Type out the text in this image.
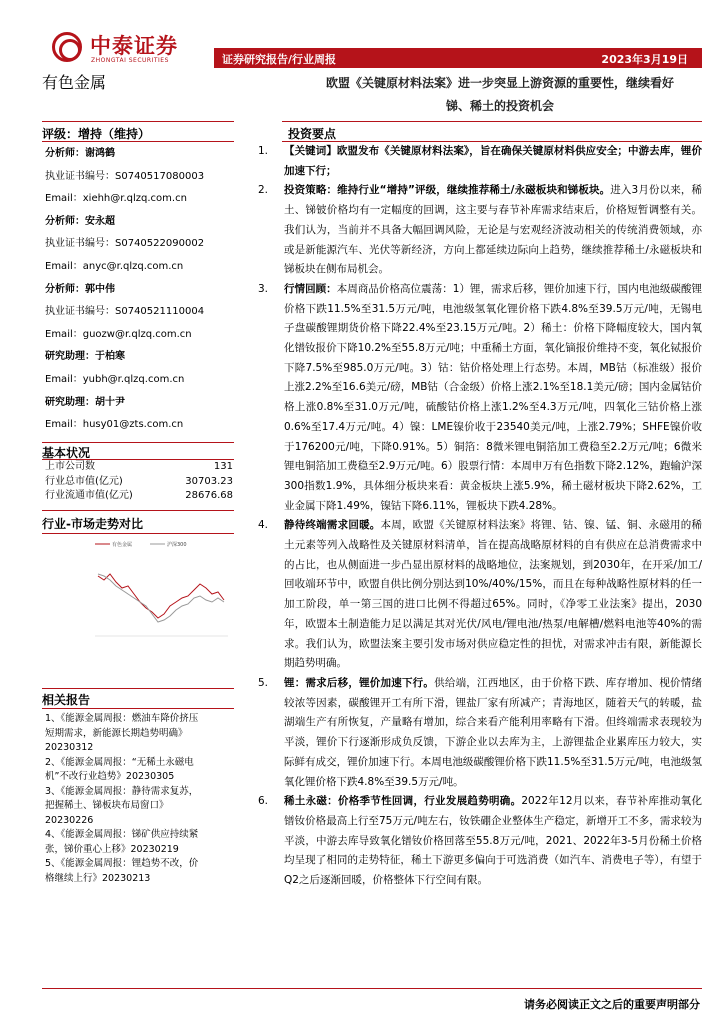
中泰证券
ZHONGTAI SECURITIES
有色金属
证券研究报告/行业周报	2023年3月19日
欧盟《关键原材料法案》进一步突显上游资源的重要性，继续看好
锑、稀土的投资机会
评级：增持（维持）	投资要点
分析师：谢鸿鹤
执业证书编号：S0740517080003
Email：xiehh@r.qlzq.com.cn
分析师：安永超
执业证书编号：S0740522090002
Email：anyc@r.qlzq.com.cn
分析师：郭中伟
执业证书编号：S0740521110004
Email：guozw@r.qlzq.com.cn
研究助理：于柏寒
Email：yubh@r.qlzq.com.cn
研究助理：胡十尹
Email：husy01@zts.com.cn
基本状况
上市公司数	131
行业总市值(亿元)	30703.23
行业流通市值(亿元)	28676.68
行业-市场走势对比
有色金属	沪深300
相关报告
1、《能源金属周报：燃油车降价挤压
短期需求，新能源长期趋势明确》
20230312
2、《能源金属周报：“无稀土永磁电
机”不改行业趋势》20230305
3、《能源金属周报：静待需求复苏，
把握稀土、锑板块布局窗口》
20230226
4、《能源金属周报：锑矿供应持续紧
张，锑价重心上移》20230219
5、《能源金属周报：锂趋势不改，价
格继续上行》20230213
1.	【关键词】欧盟发布《关键原材料法案》，旨在确保关键原材料供应安全；中游去库，锂价加速下行；
2.	投资策略：维持行业“增持”评级，继续推荐稀土/永磁板块和锑板块。进入3月份以来，稀土、锑铍价格均有一定幅度的回调，这主要与春节补库需求结束后，价格短暂调整有关。我们认为，当前并不具备大幅回调风险，无论是与宏观经济波动相关的传统消费领域，亦或是新能源汽车、光伏等新经济，方向上都延续边际向上趋势，继续推荐稀土/永磁板块和锑板块在侧布局机会。
3.	行情回顾：本周商品价格高位震荡：1）锂，需求后移，锂价加速下行，国内电池级碳酸锂价格下跌11.5%至31.5万元/吨，电池级氢氧化锂价格下跌4.8%至39.5万元/吨，无锡电子盘碳酸锂期货价格下降22.4%至23.15万元/吨。2）稀土：价格下降幅度较大，国内氧化镨钕报价下降10.2%至55.8万元/吨；中重稀土方面，氧化镝报价维持不变，氧化铽报价下降7.5%至985.0万元/吨。3）钴：钴价格处理上行态势。本周，MB钴（标准级）报价上涨2.2%至16.6美元/磅，MB钴（合金级）价格上涨2.1%至18.1美元/磅；国内金属钴价格上涨0.8%至31.0万元/吨，硫酸钴价格上涨1.2%至4.3万元/吨，四氧化三钴价格上涨0.6%至17.4万元/吨。4）镍：LME镍价收于23540美元/吨，上涨2.79%；SHFE镍价收于176200元/吨，下降0.91%。5）铜箔：8微米锂电铜箔加工费稳至2.2万元/吨；6微米锂电铜箔加工费稳至2.9万元/吨。6）股票行情：本周申万有色指数下降2.12%，跑输沪深300指数1.9%，具体细分板块来看：黄金板块上涨5.9%，稀土磁材板块下降2.62%，工业金属下降1.49%，镍钴下降6.11%，锂板块下跌4.28%。
4.	静待终端需求回暖。本周，欧盟《关键原材料法案》将锂、钴、镍、锰、铜、永磁用的稀土元素等列入战略性及关键原材料清单，旨在提高战略原材料的自有供应在总消费需求中的占比，也从侧面进一步凸显出原材料的战略地位，法案规划，到2030年，在开采/加工/回收端环节中，欧盟自供比例分别达到10%/40%/15%，而且在每种战略性原材料的任一加工阶段，单一第三国的进口比例不得超过65%。同时，《净零工业法案》提出，2030年，欧盟本土制造能力足以满足其对光伏/风电/锂电池/热泵/电解槽/燃料电池等40%的需求。我们认为，欧盟法案主要引发市场对供应稳定性的担忧，对需求冲击有限，新能源长期趋势明确。
5.	锂：需求后移，锂价加速下行。供给端，江西地区，由于价格下跌、库存增加、枧价情绪较浓等因素，碳酸锂开工有所下滑，锂盐厂家有所减产；青海地区，随着天气的转暖，盐湖端生产有所恢复，产量略有增加，综合来看产能利用率略有下滑。但终端需求表现较为平淡，锂价下行逐渐形成负反馈，下游企业以去库为主，上游锂盐企业累库压力较大，实际鲜有成交，锂价加速下行。本周电池级碳酸锂价格下跌11.5%至31.5万元/吨，电池级氢氧化锂价格下跌4.8%至39.5万元/吨。
6.	稀土永磁：价格季节性回调，行业发展趋势明确。2022年12月以来，春节补库推动氧化镨钕价格最高上行至75万元/吨左右，钕铁硼企业整体生产稳定，新增开工不多，需求较为平淡，中游去库导致氧化镨钕价格回落至55.8万元/吨，2021、2022年3-5月份稀土价格均呈现了相同的走势特征，稀土下游更多偏向于可选消费（如汽车、消费电子等），有望于Q2之后逐渐回暖，价格整体下行空间有限。
请务必阅读正文之后的重要声明部分
